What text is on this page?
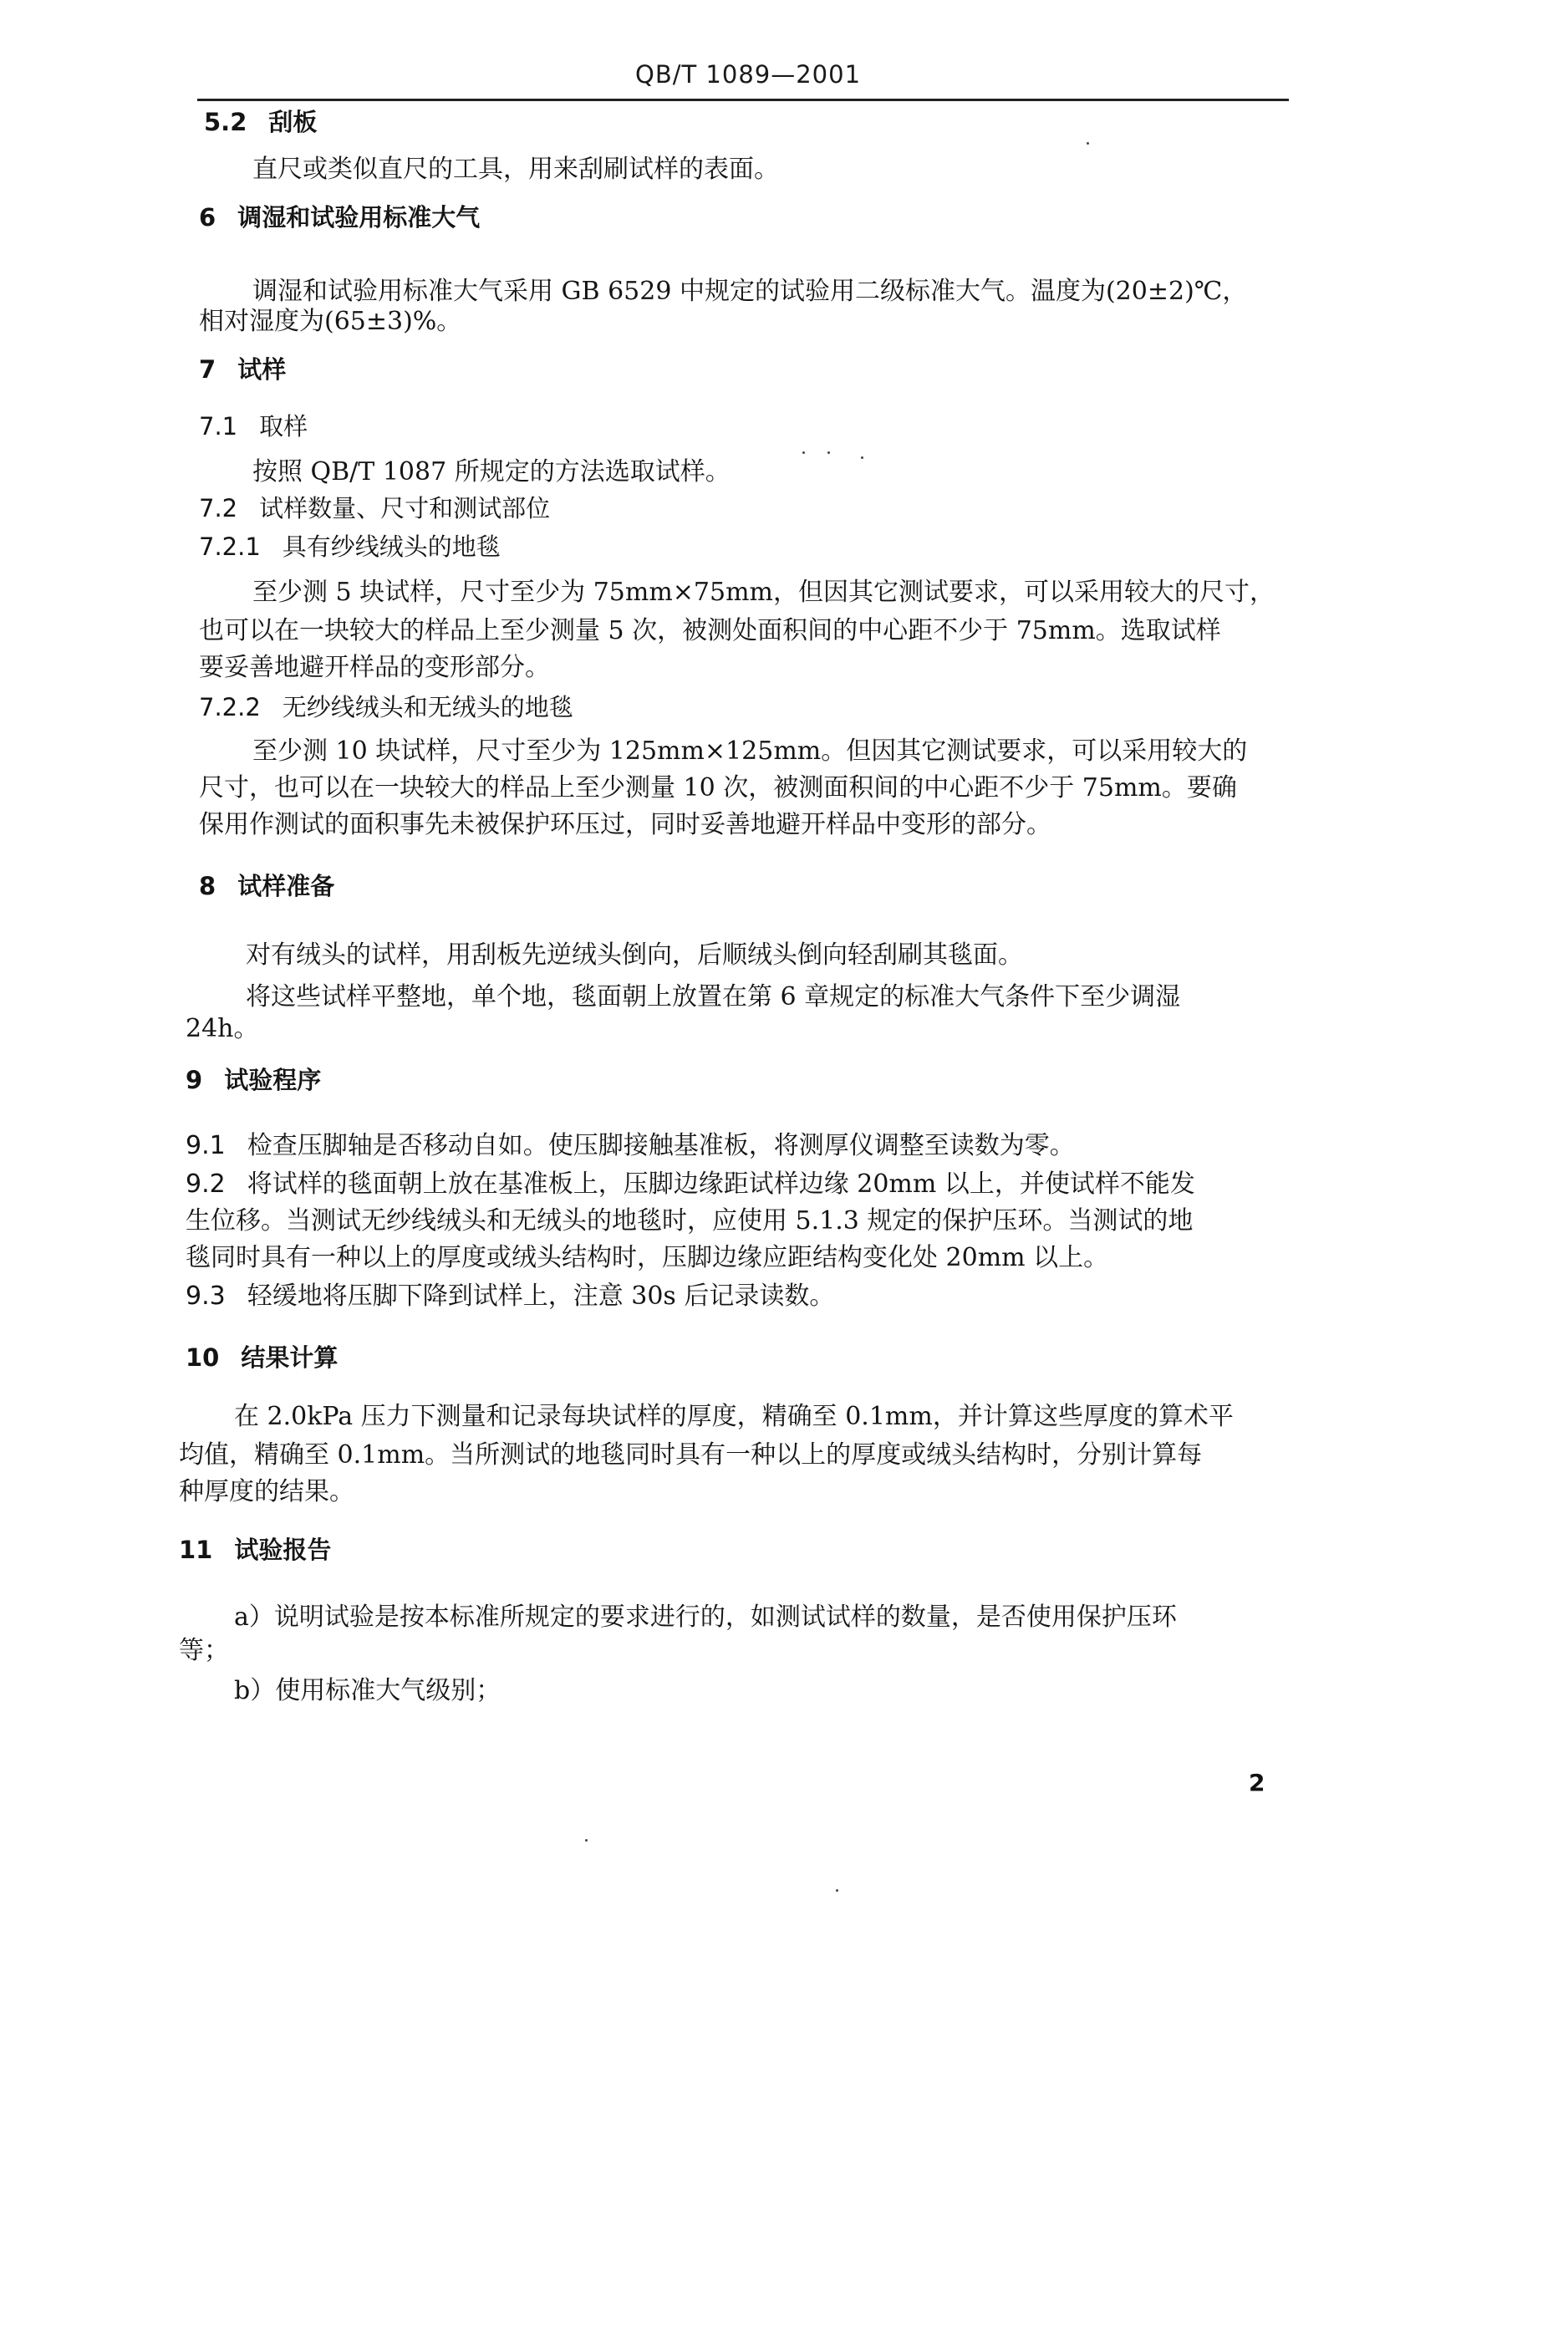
QB/T 1089—2001
5.2 刮板
直尺或类似直尺的工具，用来刮刷试样的表面。
6 调湿和试验用标准大气
调湿和试验用标准大气采用 GB 6529 中规定的试验用二级标准大气。温度为(20±2)℃，
相对湿度为(65±3)%。
7 试样
7.1 取样
按照 QB/T 1087 所规定的方法选取试样。
7.2 试样数量、尺寸和测试部位
7.2.1 具有纱线绒头的地毯
至少测 5 块试样，尺寸至少为 75mm×75mm，但因其它测试要求，可以采用较大的尺寸，
也可以在一块较大的样品上至少测量 5 次，被测处面积间的中心距不少于 75mm。选取试样
要妥善地避开样品的变形部分。
7.2.2 无纱线绒头和无绒头的地毯
至少测 10 块试样，尺寸至少为 125mm×125mm。但因其它测试要求，可以采用较大的
尺寸，也可以在一块较大的样品上至少测量 10 次，被测面积间的中心距不少于 75mm。要确
保用作测试的面积事先未被保护环压过，同时妥善地避开样品中变形的部分。
8 试样准备
对有绒头的试样，用刮板先逆绒头倒向，后顺绒头倒向轻刮刷其毯面。
将这些试样平整地，单个地，毯面朝上放置在第 6 章规定的标准大气条件下至少调湿
24h。
9 试验程序
9.1 检查压脚轴是否移动自如。使压脚接触基准板，将测厚仪调整至读数为零。
9.2 将试样的毯面朝上放在基准板上，压脚边缘距试样边缘 20mm 以上，并使试样不能发
生位移。当测试无纱线绒头和无绒头的地毯时，应使用 5.1.3 规定的保护压环。当测试的地
毯同时具有一种以上的厚度或绒头结构时，压脚边缘应距结构变化处 20mm 以上。
9.3 轻缓地将压脚下降到试样上，注意 30s 后记录读数。
10 结果计算
在 2.0kPa 压力下测量和记录每块试样的厚度，精确至 0.1mm，并计算这些厚度的算术平
均值，精确至 0.1mm。当所测试的地毯同时具有一种以上的厚度或绒头结构时，分别计算每
种厚度的结果。
11 试验报告
a）说明试验是按本标准所规定的要求进行的，如测试试样的数量，是否使用保护压环
等；
b）使用标准大气级别；
2
